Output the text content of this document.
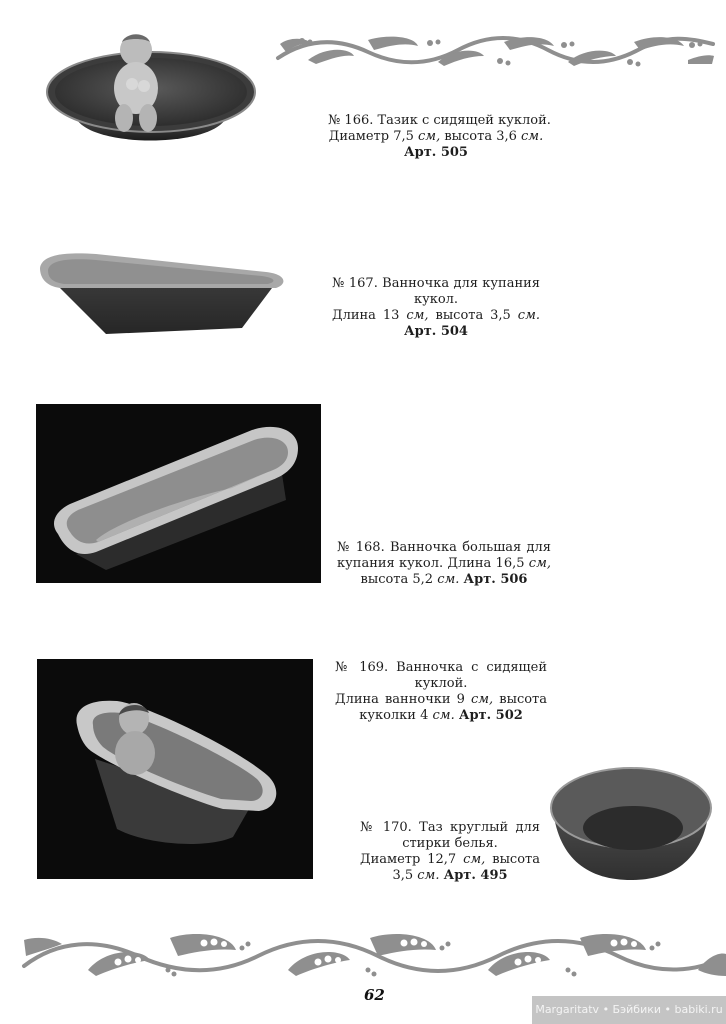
№ 166. Тазик с сидящей куклой.
Диаметр 7,5 см, высота 3,6 см.
Арт. 505
№ 167. Ванночка для купания
кукол.
Длина 13 см, высота 3,5 см.
Арт. 504
№ 168. Ванночка большая для
купания кукол. Длина 16,5 см,
высота 5,2 см. Арт. 506
№ 169. Ванночка с сидящей
куклой.
Длина ванночки 9 см, высота
куколки 4 см. Арт. 502
№ 170. Таз круглый для
стирки белья.
Диаметр 12,7 см, высота
3,5 см. Арт. 495
62
Margaritatv • Бэйбики • babiki.ru
